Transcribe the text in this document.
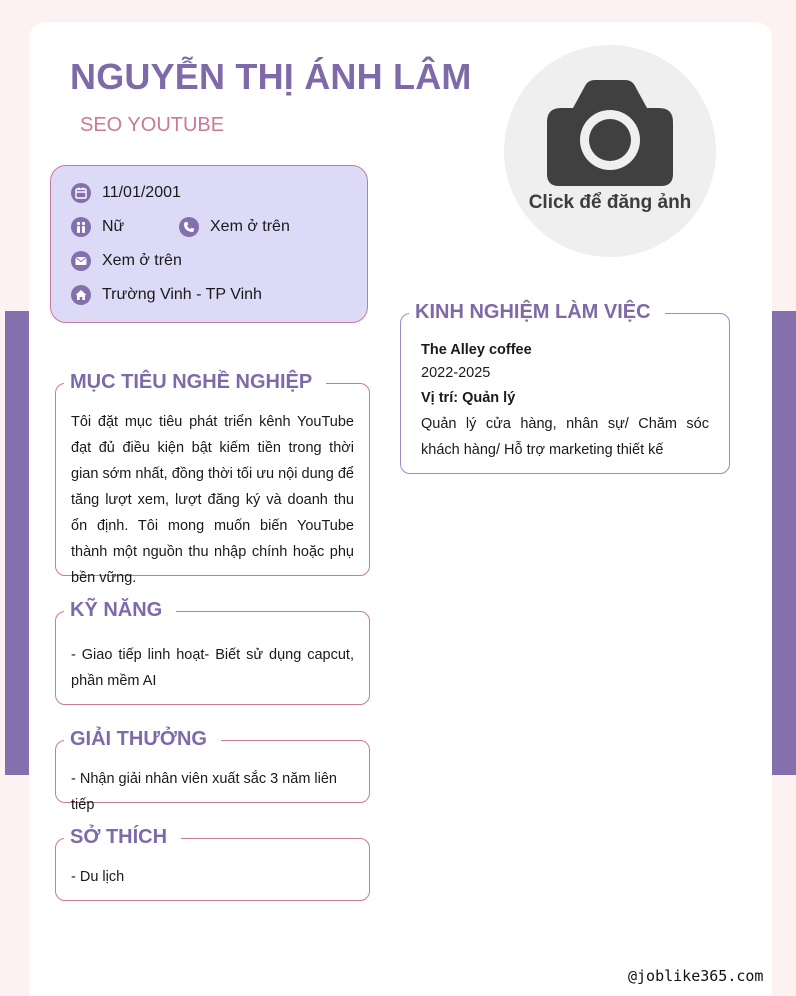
NGUYỄN THỊ ÁNH LÂM
SEO YOUTUBE
Click để đăng ảnh
11/01/2001
Nữ	Xem ở trên
Xem ở trên
Trường Vinh - TP Vinh
MỤC TIÊU NGHỀ NGHIỆP
Tôi đặt mục tiêu phát triển kênh YouTube đạt đủ điều kiện bật kiếm tiền trong thời gian sớm nhất, đồng thời tối ưu nội dung để tăng lượt xem, lượt đăng ký và doanh thu ổn định. Tôi mong muốn biến YouTube thành một nguồn thu nhập chính hoặc phụ bền vững.
KỸ NĂNG
- Giao tiếp linh hoạt- Biết sử dụng capcut, phần mềm AI
GIẢI THƯỞNG
- Nhận giải nhân viên xuất sắc 3 năm liên tiếp
SỞ THÍCH
- Du lịch
KINH NGHIỆM LÀM VIỆC
The Alley coffee
2022-2025
Vị trí: Quản lý
Quản lý cửa hàng, nhân sự/ Chăm sóc khách hàng/ Hỗ trợ marketing thiết kế
@joblike365.com
